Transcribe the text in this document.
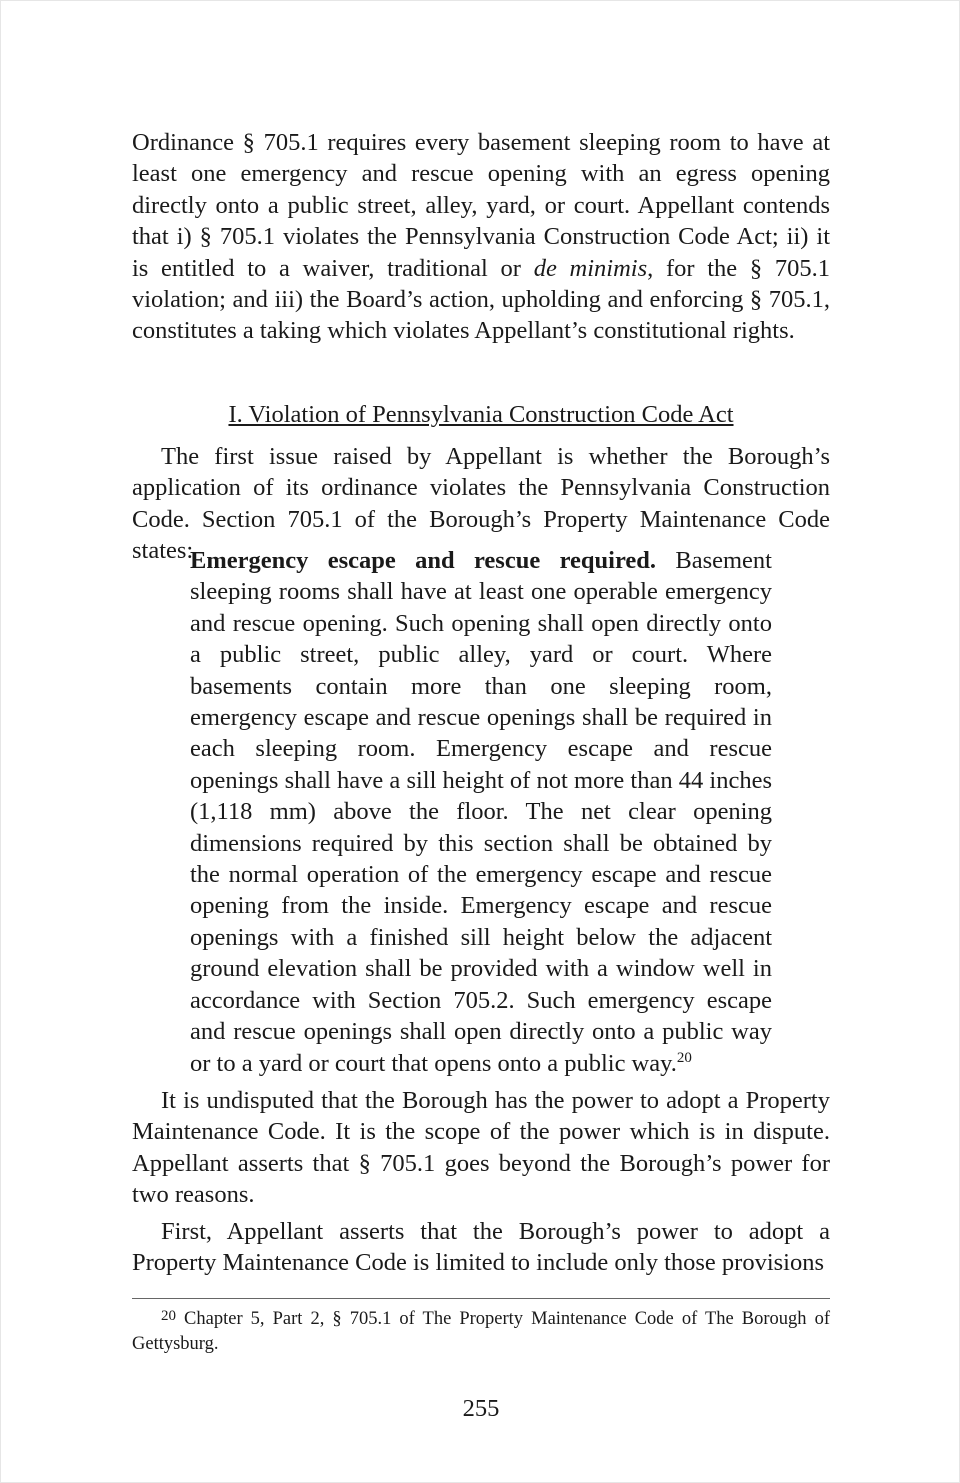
Ordinance § 705.1 requires every basement sleeping room to have at least one emergency and rescue opening with an egress opening directly onto a public street, alley, yard, or court. Appellant contends that i) § 705.1 violates the Pennsylvania Construction Code Act; ii) it is entitled to a waiver, traditional or de minimis, for the § 705.1 violation; and iii) the Board’s action, upholding and enforcing § 705.1, constitutes a taking which violates Appellant’s constitutional rights.

I. Violation of Pennsylvania Construction Code Act

The first issue raised by Appellant is whether the Borough’s application of its ordinance violates the Pennsylvania Construction Code. Section 705.1 of the Borough’s Property Maintenance Code states:

Emergency escape and rescue required. Basement sleeping rooms shall have at least one operable emergency and rescue opening. Such opening shall open directly onto a public street, public alley, yard or court. Where basements contain more than one sleeping room, emergency escape and rescue openings shall be required in each sleeping room. Emergency escape and rescue openings shall have a sill height of not more than 44 inches (1,118 mm) above the floor. The net clear opening dimensions required by this section shall be obtained by the normal operation of the emergency escape and rescue opening from the inside. Emergency escape and rescue openings with a finished sill height below the adjacent ground elevation shall be provided with a window well in accordance with Section 705.2. Such emergency escape and rescue openings shall open directly onto a public way or to a yard or court that opens onto a public way.$^{20}$

It is undisputed that the Borough has the power to adopt a Property Maintenance Code. It is the scope of the power which is in dispute. Appellant asserts that § 705.1 goes beyond the Borough’s power for two reasons.

First, Appellant asserts that the Borough’s power to adopt a Property Maintenance Code is limited to include only those provisions

$^{20}$ Chapter 5, Part 2, § 705.1 of The Property Maintenance Code of The Borough of Gettysburg.

255
